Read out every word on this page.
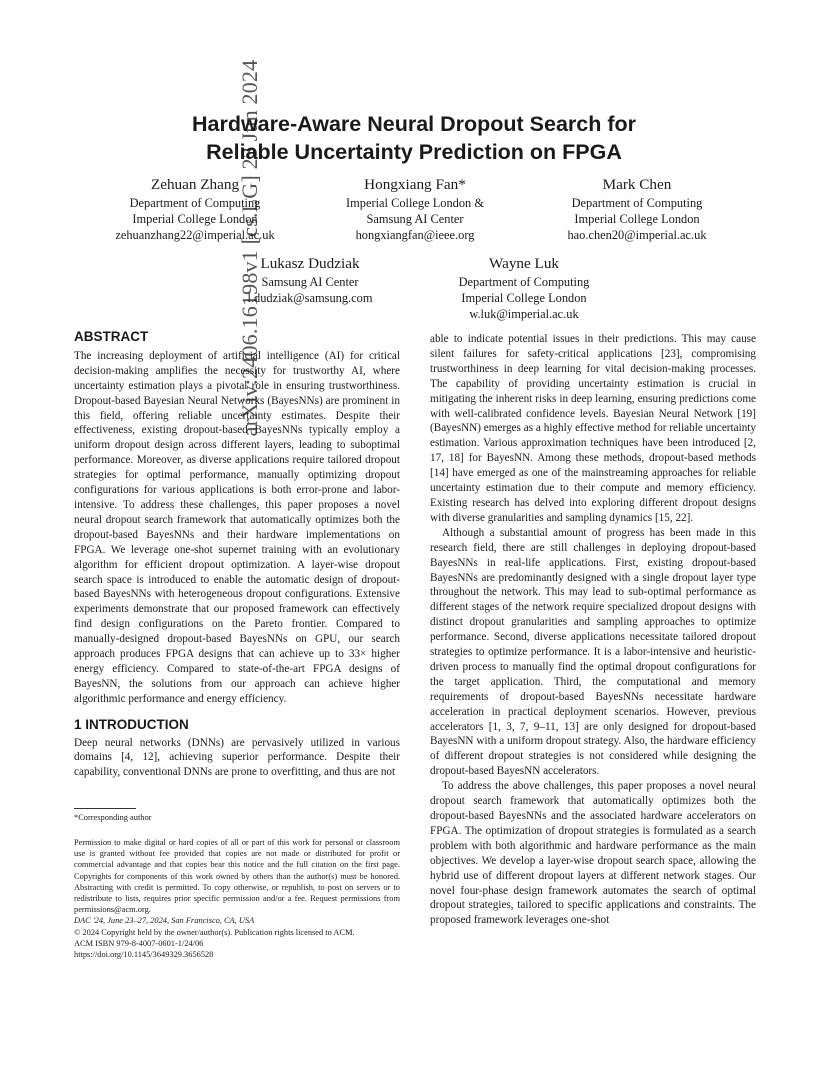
arXiv:2406.16198v1 [cs.LG] 23 Jun 2024
Hardware-Aware Neural Dropout Search for
Reliable Uncertainty Prediction on FPGA
Zehuan Zhang
Department of Computing
Imperial College London
zehuanzhang22@imperial.ac.uk
Hongxiang Fan*
Imperial College London &
Samsung AI Center
hongxiangfan@ieee.org
Mark Chen
Department of Computing
Imperial College London
hao.chen20@imperial.ac.uk
Lukasz Dudziak
Samsung AI Center
l.dudziak@samsung.com
Wayne Luk
Department of Computing
Imperial College London
w.luk@imperial.ac.uk
ABSTRACT

The increasing deployment of artificial intelligence (AI) for critical decision-making amplifies the necessity for trustworthy AI, where uncertainty estimation plays a pivotal role in ensuring trustworthiness. Dropout-based Bayesian Neural Networks (BayesNNs) are prominent in this field, offering reliable uncertainty estimates. Despite their effectiveness, existing dropout-based BayesNNs typically employ a uniform dropout design across different layers, leading to suboptimal performance. Moreover, as diverse applications require tailored dropout strategies for optimal performance, manually optimizing dropout configurations for various applications is both error-prone and labor-intensive. To address these challenges, this paper proposes a novel neural dropout search framework that automatically optimizes both the dropout-based BayesNNs and their hardware implementations on FPGA. We leverage one-shot supernet training with an evolutionary algorithm for efficient dropout optimization. A layer-wise dropout search space is introduced to enable the automatic design of dropout-based BayesNNs with heterogeneous dropout configurations. Extensive experiments demonstrate that our proposed framework can effectively find design configurations on the Pareto frontier. Compared to manually-designed dropout-based BayesNNs on GPU, our search approach produces FPGA designs that can achieve up to 33× higher energy efficiency. Compared to state-of-the-art FPGA designs of BayesNN, the solutions from our approach can achieve higher algorithmic performance and energy efficiency.

1 INTRODUCTION

Deep neural networks (DNNs) are pervasively utilized in various domains [4, 12], achieving superior performance. Despite their capability, conventional DNNs are prone to overfitting, and thus are not

*Corresponding author
Permission to make digital or hard copies of all or part of this work for personal or classroom use is granted without fee provided that copies are not made or distributed for profit or commercial advantage and that copies bear this notice and the full citation on the first page. Copyrights for components of this work owned by others than the author(s) must be honored. Abstracting with credit is permitted. To copy otherwise, or republish, to post on servers or to redistribute to lists, requires prior specific permission and/or a fee. Request permissions from permissions@acm.org.
DAC '24, June 23–27, 2024, San Francisco, CA, USA
© 2024 Copyright held by the owner/author(s). Publication rights licensed to ACM.
ACM ISBN 979-8-4007-0601-1/24/06
https://doi.org/10.1145/3649329.3656528

able to indicate potential issues in their predictions. This may cause silent failures for safety-critical applications [23], compromising trustworthiness in deep learning for vital decision-making processes. The capability of providing uncertainty estimation is crucial in mitigating the inherent risks in deep learning, ensuring predictions come with well-calibrated confidence levels. Bayesian Neural Network [19] (BayesNN) emerges as a highly effective method for reliable uncertainty estimation. Various approximation techniques have been introduced [2, 17, 18] for BayesNN. Among these methods, dropout-based methods [14] have emerged as one of the mainstreaming approaches for reliable uncertainty estimation due to their compute and memory efficiency. Existing research has delved into exploring different dropout designs with diverse granularities and sampling dynamics [15, 22].

Although a substantial amount of progress has been made in this research field, there are still challenges in deploying dropout-based BayesNNs in real-life applications. First, existing dropout-based BayesNNs are predominantly designed with a single dropout layer type throughout the network. This may lead to sub-optimal performance as different stages of the network require specialized dropout designs with distinct dropout granularities and sampling approaches to optimize performance. Second, diverse applications necessitate tailored dropout strategies to optimize performance. It is a labor-intensive and heuristic-driven process to manually find the optimal dropout configurations for the target application. Third, the computational and memory requirements of dropout-based BayesNNs necessitate hardware acceleration in practical deployment scenarios. However, previous accelerators [1, 3, 7, 9–11, 13] are only designed for dropout-based BayesNN with a uniform dropout strategy. Also, the hardware efficiency of different dropout strategies is not considered while designing the dropout-based BayesNN accelerators.

To address the above challenges, this paper proposes a novel neural dropout search framework that automatically optimizes both the dropout-based BayesNNs and the associated hardware accelerators on FPGA. The optimization of dropout strategies is formulated as a search problem with both algorithmic and hardware performance as the main objectives. We develop a layer-wise dropout search space, allowing the hybrid use of different dropout layers at different network stages. Our novel four-phase design framework automates the search of optimal dropout strategies, tailored to specific applications and constraints. The proposed framework leverages one-shot
